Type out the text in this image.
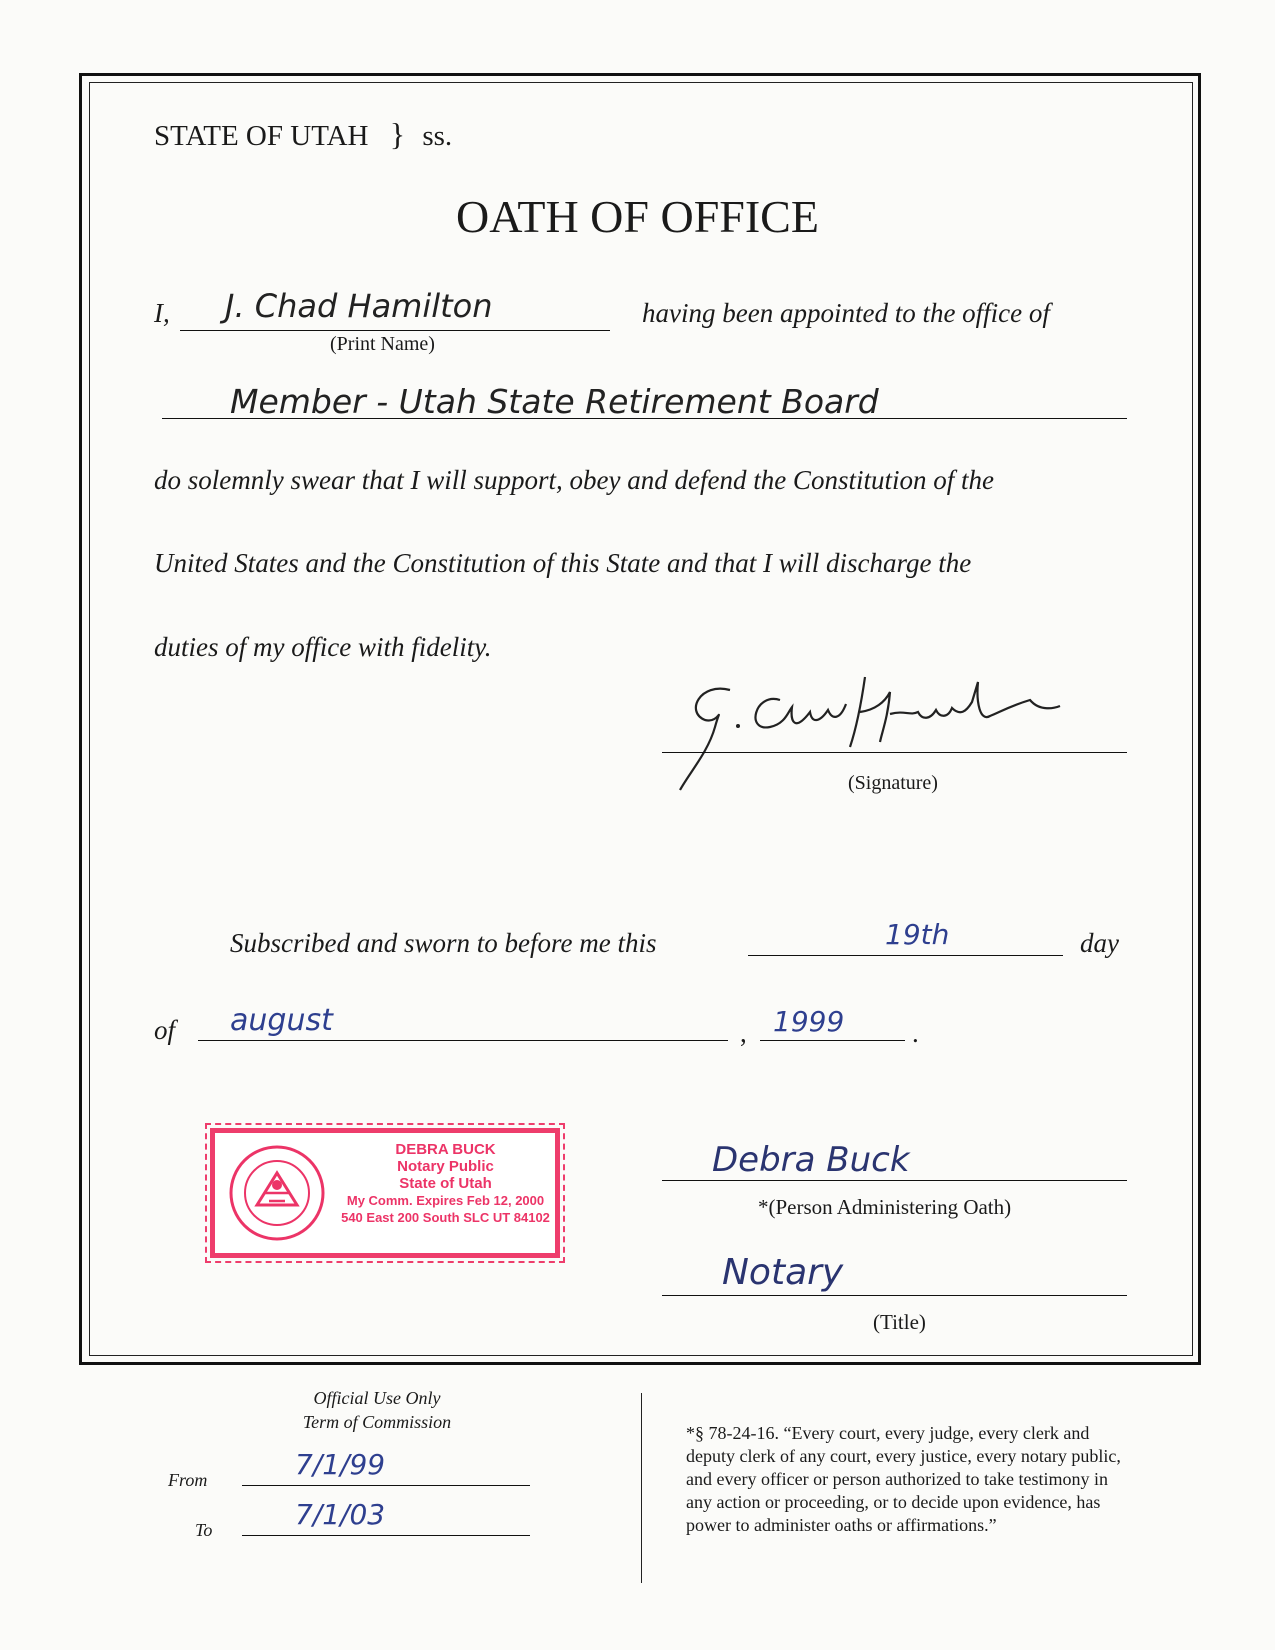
STATE OF UTAH } ss.
OATH OF OFFICE
I, J. Chad Hamilton
(Print Name)
having been appointed to the office of
Member - Utah State Retirement Board
do solemnly swear that I will support, obey and defend the Constitution of the
United States and the Constitution of this State and that I will discharge the
duties of my office with fidelity.
(Signature)
Subscribed and sworn to before me this	19th	day
of august	, 1999	.
DEBRA BUCK
Notary Public
State of Utah
My Comm. Expires Feb 12, 2000
540 East 200 South SLC UT 84102
Debra Buck
*(Person Administering Oath)
Notary
(Title)
Official Use Only
Term of Commission
From	7/1/99
To	7/1/03
*§ 78-24-16. “Every court, every judge, every clerk and
deputy clerk of any court, every justice, every notary public,
and every officer or person authorized to take testimony in
any action or proceeding, or to decide upon evidence, has
power to administer oaths or affirmations.”
